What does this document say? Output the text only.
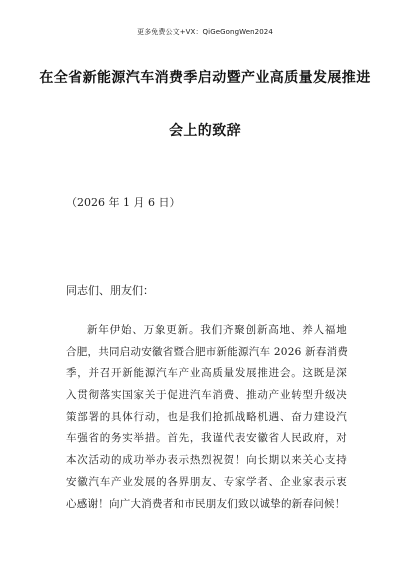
更多免费公文+VX：QiGeGongWen2024
在全省新能源汽车消费季启动暨产业高质量发展推进
会上的致辞
（2026 年 1 月 6 日）
同志们、朋友们：
新年伊始、万象更新。我们齐聚创新高地、养人福地
合肥，共同启动安徽省暨合肥市新能源汽车 2026 新春消费
季，并召开新能源汽车产业高质量发展推进会。这既是深
入贯彻落实国家关于促进汽车消费、推动产业转型升级决
策部署的具体行动，也是我们抢抓战略机遇、奋力建设汽
车强省的务实举措。首先，我谨代表安徽省人民政府，对
本次活动的成功举办表示热烈祝贺！向长期以来关心支持
安徽汽车产业发展的各界朋友、专家学者、企业家表示衷
心感谢！向广大消费者和市民朋友们致以诚挚的新春问候！
